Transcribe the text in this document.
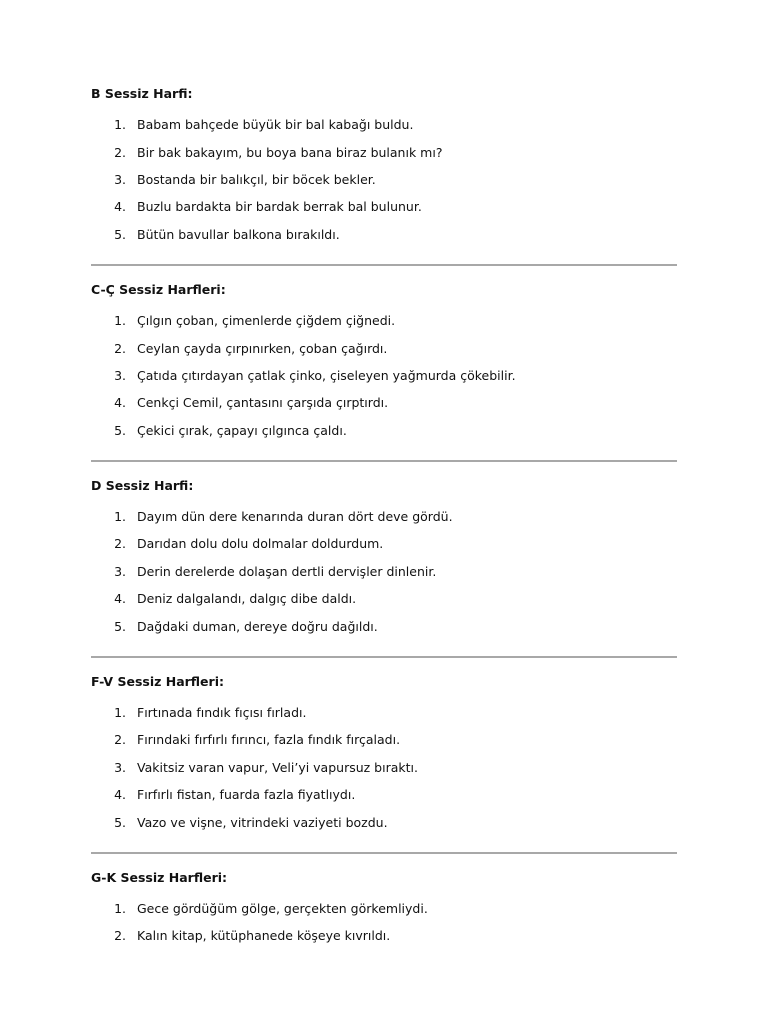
B Sessiz Harfi:
1. Babam bahçede büyük bir bal kabağı buldu.
2. Bir bak bakayım, bu boya bana biraz bulanık mı?
3. Bostanda bir balıkçıl, bir böcek bekler.
4. Buzlu bardakta bir bardak berrak bal bulunur.
5. Bütün bavullar balkona bırakıldı.
C-Ç Sessiz Harfleri:
1. Çılgın çoban, çimenlerde çiğdem çiğnedi.
2. Ceylan çayda çırpınırken, çoban çağırdı.
3. Çatıda çıtırdayan çatlak çinko, çiseleyen yağmurda çökebilir.
4. Cenkçi Cemil, çantasını çarşıda çırptırdı.
5. Çekici çırak, çapayı çılgınca çaldı.
D Sessiz Harfi:
1. Dayım dün dere kenarında duran dört deve gördü.
2. Darıdan dolu dolu dolmalar doldurdum.
3. Derin derelerde dolaşan dertli dervişler dinlenir.
4. Deniz dalgalandı, dalgıç dibe daldı.
5. Dağdaki duman, dereye doğru dağıldı.
F-V Sessiz Harfleri:
1. Fırtınada fındık fıçısı fırladı.
2. Fırındaki fırfırlı fırıncı, fazla fındık fırçaladı.
3. Vakitsiz varan vapur, Veli’yi vapursuz bıraktı.
4. Fırfırlı fistan, fuarda fazla fiyatlıydı.
5. Vazo ve vişne, vitrindeki vaziyeti bozdu.
G-K Sessiz Harfleri:
1. Gece gördüğüm gölge, gerçekten görkemliydi.
2. Kalın kitap, kütüphanede köşeye kıvrıldı.
